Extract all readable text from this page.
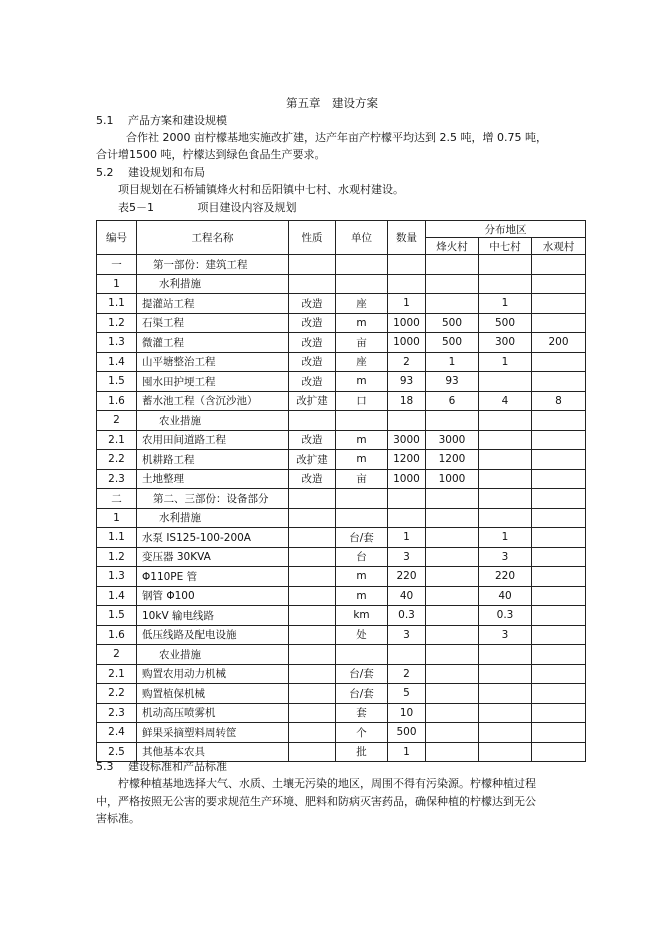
第五章　建设方案
5.1　 产品方案和建设规模
合作社 2000 亩柠檬基地实施改扩建，达产年亩产柠檬平均达到 2.5 吨，增 0.75 吨，
合计增1500 吨，柠檬达到绿色食品生产要求。
5.2　 建设规划和布局
项目规划在石桥铺镇烽火村和岳阳镇中七村、水观村建设。
表5－1	项目建设内容及规划
编号	工程名称	性质	单位	数量	分布地区		
					烽火村	中七村	水观村
一	第一部份：建筑工程						
1	水利措施						
1.1	提灌站工程	改造	座	1		1	
1.2	石渠工程	改造	m	1000	500	500	
1.3	微灌工程	改造	亩	1000	500	300	200
1.4	山平塘整治工程	改造	座	2	1	1	
1.5	囤水田护埂工程	改造	m	93	93		
1.6	蓄水池工程（含沉沙池）	改扩建	口	18	6	4	8
2	农业措施						
2.1	农用田间道路工程	改造	m	3000	3000		
2.2	机耕路工程	改扩建	m	1200	1200		
2.3	土地整理	改造	亩	1000	1000		
二	第二、三部份：设备部分						
1	水利措施						
1.1	水泵 IS125-100-200A		台/套	1		1	
1.2	变压器 30KVA		台	3		3	
1.3	Φ110PE 管		m	220		220	
1.4	钢管 Φ100		m	40		40	
1.5	10kV 输电线路		km	0.3		0.3	
1.6	低压线路及配电设施		处	3		3	
2	农业措施						
2.1	购置农用动力机械		台/套	2			
2.2	购置植保机械		台/套	5			
2.3	机动高压喷雾机		套	10			
2.4	鲜果采摘塑料周转筐		个	500			
2.5	其他基本农具		批	1			
5.3　 建设标准和产品标准
柠檬种植基地选择大气、水质、土壤无污染的地区，周围不得有污染源。柠檬种植过程
中，严格按照无公害的要求规范生产环境、肥料和防病灭害药品，确保种植的柠檬达到无公
害标准。
